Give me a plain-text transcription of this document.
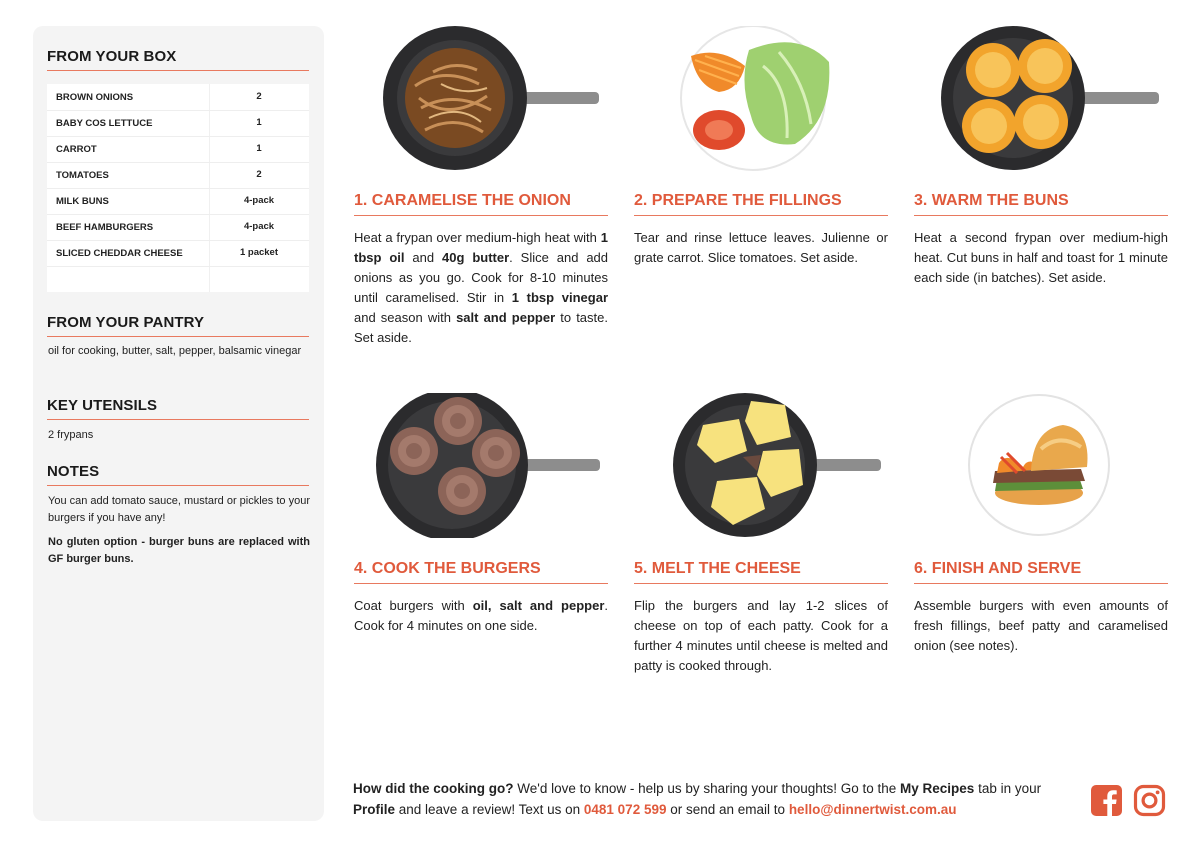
FROM YOUR BOX
BROWN ONIONS	2
BABY COS LETTUCE	1
CARROT	1
TOMATOES	2
MILK BUNS	4-pack
BEEF HAMBURGERS	4-pack
SLICED CHEDDAR CHEESE	1 packet
FROM YOUR PANTRY
oil for cooking, butter, salt, pepper, balsamic vinegar
KEY UTENSILS
2 frypans
NOTES
You can add tomato sauce, mustard or pickles to your burgers if you have any!
No gluten option - burger buns are replaced with GF burger buns.
1. CARAMELISE THE ONION
Heat a frypan over medium-high heat with 1 tbsp oil and 40g butter. Slice and add onions as you go. Cook for 8-10 minutes until caramelised. Stir in 1 tbsp vinegar and season with salt and pepper to taste. Set aside.
2. PREPARE THE FILLINGS
Tear and rinse lettuce leaves. Julienne or grate carrot. Slice tomatoes. Set aside.
3. WARM THE BUNS
Heat a second frypan over medium-high heat. Cut buns in half and toast for 1 minute each side (in batches). Set aside.
4. COOK THE BURGERS
Coat burgers with oil, salt and pepper. Cook for 4 minutes on one side.
5. MELT THE CHEESE
Flip the burgers and lay 1-2 slices of cheese on top of each patty. Cook for a further 4 minutes until cheese is melted and patty is cooked through.
6. FINISH AND SERVE
Assemble burgers with even amounts of fresh fillings, beef patty and caramelised onion (see notes).
How did the cooking go? We'd love to know - help us by sharing your thoughts! Go to the My Recipes tab in your Profile and leave a review! Text us on 0481 072 599 or send an email to hello@dinnertwist.com.au
